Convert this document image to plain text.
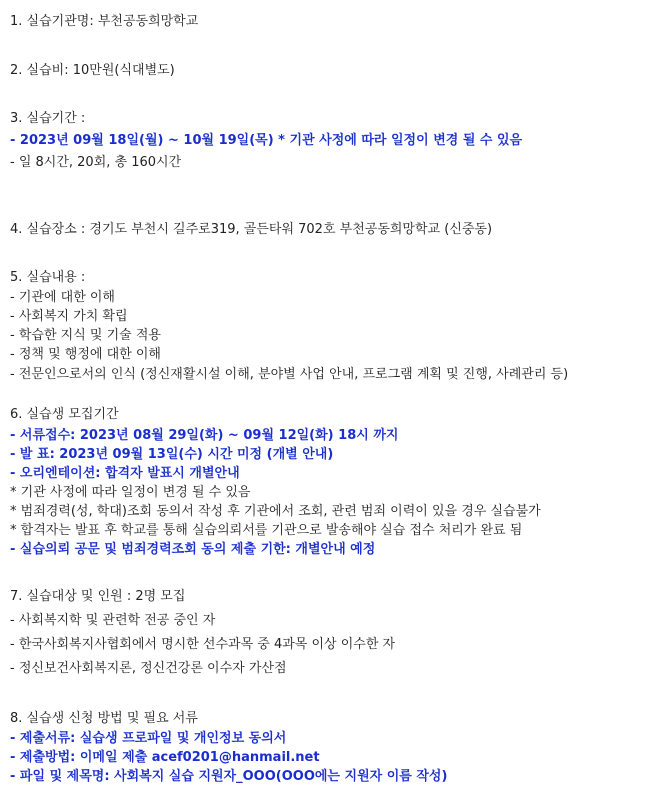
1. 실습기관명: 부천공동희망학교
2. 실습비: 10만원(식대별도)
3. 실습기간 :
- 2023년 09월 18일(월) ~ 10월 19일(목) * 기관 사정에 따라 일정이 변경 될 수 있음
- 일 8시간, 20회, 총 160시간
4. 실습장소 : 경기도 부천시 길주로319, 골든타워 702호 부천공동희망학교 (신중동)
5. 실습내용 :
- 기관에 대한 이해
- 사회복지 가치 확립
- 학습한 지식 및 기술 적용
- 정책 및 행정에 대한 이해
- 전문인으로서의 인식 (정신재활시설 이해, 분야별 사업 안내, 프로그램 계획 및 진행, 사례관리 등)
6. 실습생 모집기간
- 서류접수: 2023년 08월 29일(화) ~ 09월 12일(화) 18시 까지
- 발 표: 2023년 09월 13일(수) 시간 미정 (개별 안내)
- 오리엔테이션: 합격자 발표시 개별안내
* 기관 사정에 따라 일정이 변경 될 수 있음
* 범죄경력(성, 학대)조회 동의서 작성 후 기관에서 조회, 관련 범죄 이력이 있을 경우 실습불가
* 합격자는 발표 후 학교를 통해 실습의뢰서를 기관으로 발송해야 실습 접수 처리가 완료 됨
- 실습의뢰 공문 및 범죄경력조회 동의 제출 기한: 개별안내 예정
7. 실습대상 및 인원 : 2명 모집
- 사회복지학 및 관련학 전공 중인 자
- 한국사회복지사협회에서 명시한 선수과목 중 4과목 이상 이수한 자
- 정신보건사회복지론, 정신건강론 이수자 가산점
8. 실습생 신청 방법 및 필요 서류
- 제출서류: 실습생 프로파일 및 개인정보 동의서
- 제출방법: 이메일 제출 acef0201@hanmail.net
- 파일 및 제목명: 사회복지 실습 지원자_OOO(OOO에는 지원자 이름 작성)
